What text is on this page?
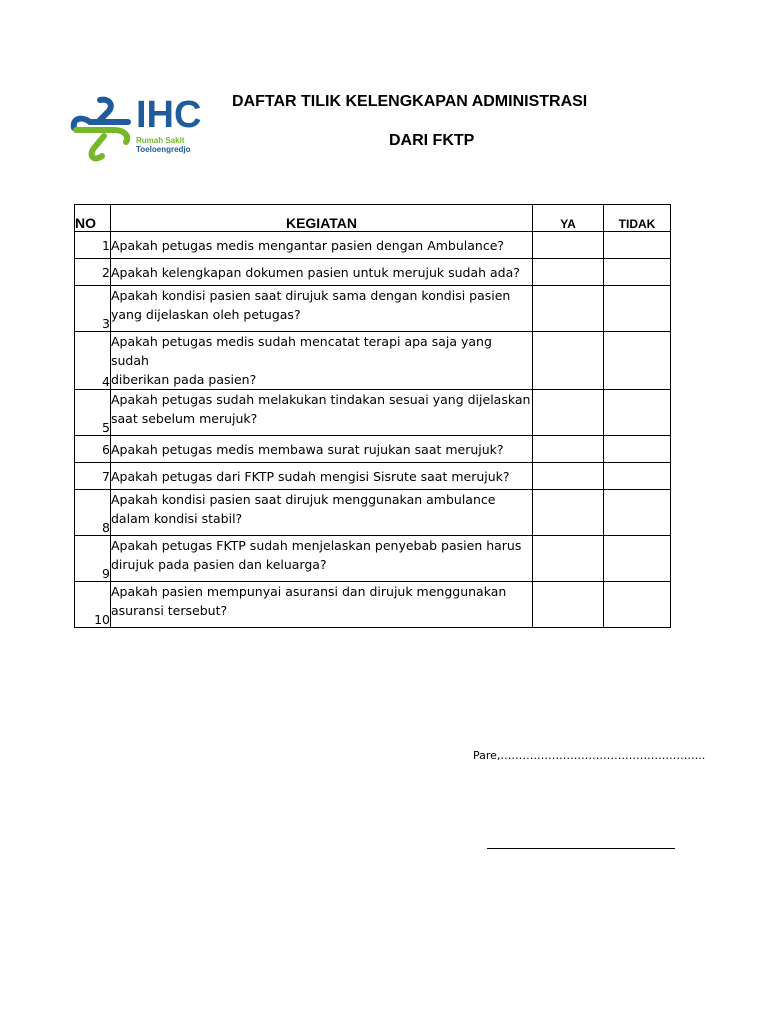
IHC
Rumah Sakit
Toeloengredjo
DAFTAR TILIK KELENGKAPAN ADMINISTRASI
DARI FKTP
NO	KEGIATAN	YA	TIDAK
1	Apakah petugas medis mengantar pasien dengan Ambulance?		
2	Apakah kelengkapan dokumen pasien untuk merujuk sudah ada?		
3	Apakah kondisi pasien saat dirujuk sama dengan kondisi pasien
yang dijelaskan oleh petugas?		

4	Apakah petugas medis sudah mencatat terapi apa saja yang sudah
diberikan pada pasien?		

5	Apakah petugas sudah melakukan tindakan sesuai yang dijelaskan
saat sebelum merujuk?		

6	Apakah petugas medis membawa surat rujukan saat merujuk?		
7	Apakah petugas dari FKTP sudah mengisi Sisrute saat merujuk?		
8	Apakah kondisi pasien saat dirujuk menggunakan ambulance
dalam kondisi stabil?		

9	Apakah petugas FKTP sudah menjelaskan penyebab pasien harus
dirujuk pada pasien dan keluarga?		

10	Apakah pasien mempunyai asuransi dan dirujuk menggunakan
asuransi tersebut?		

Pare,………………………………………………..
